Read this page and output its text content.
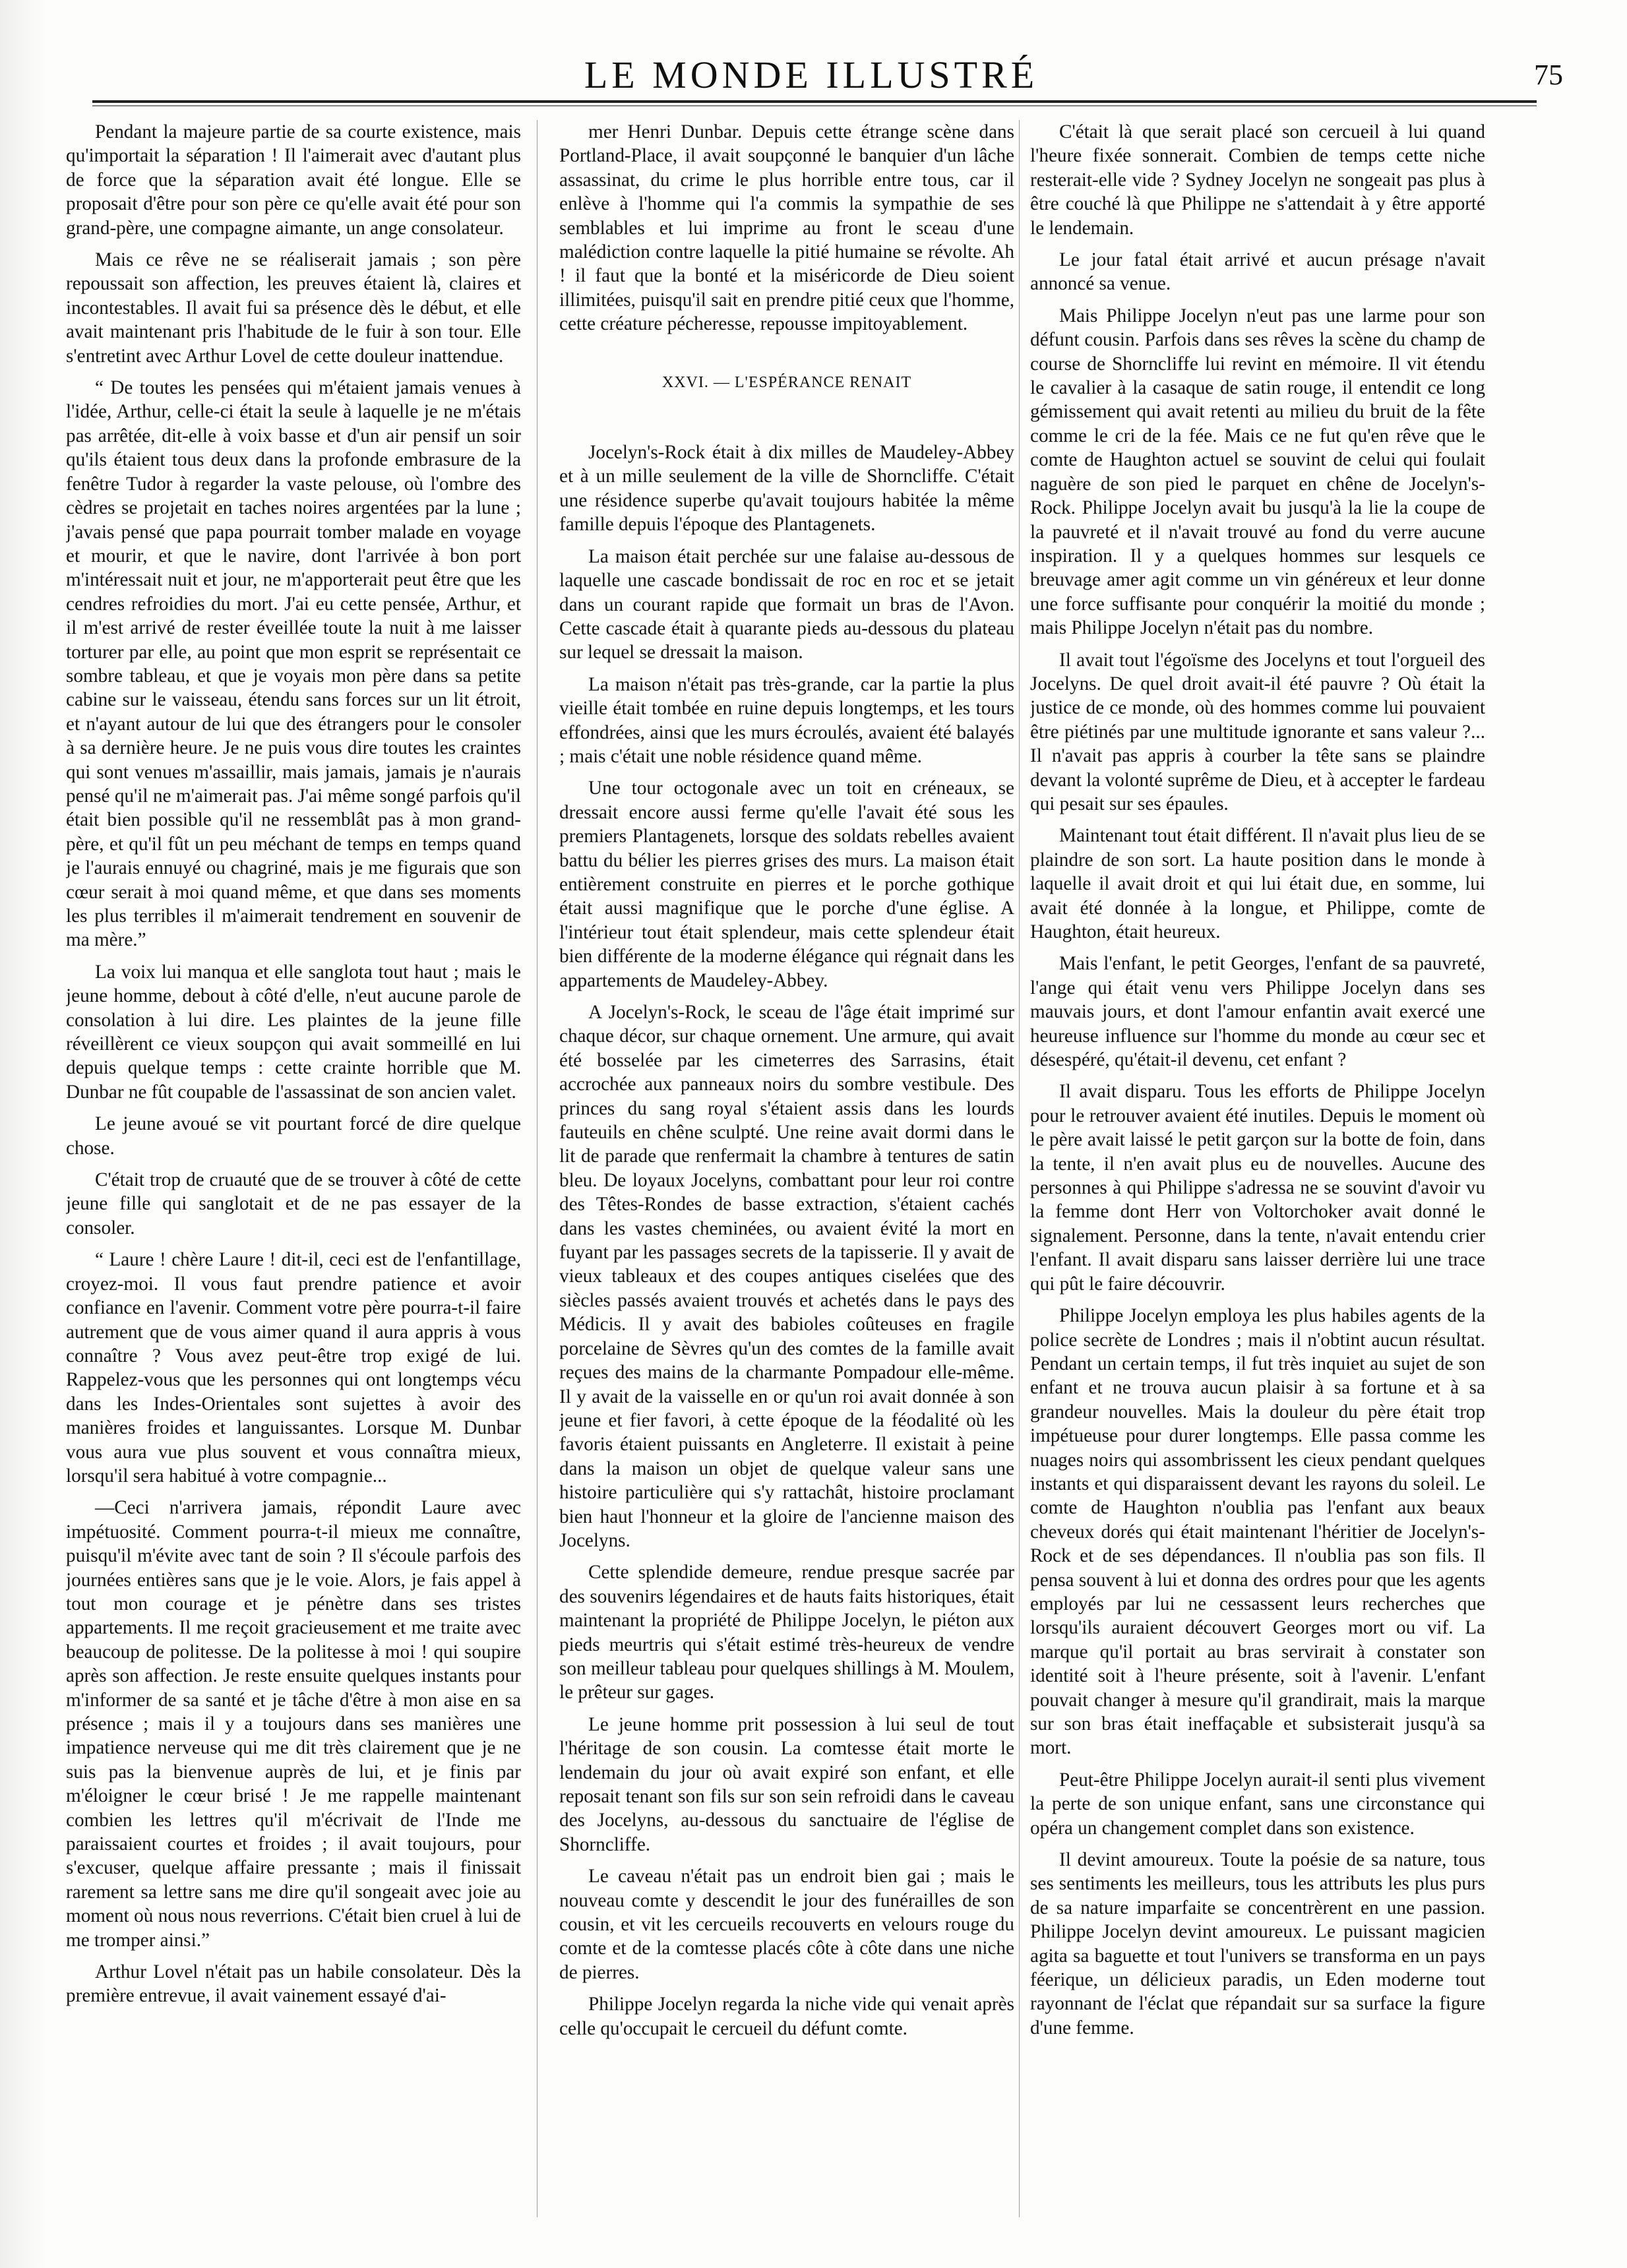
LE MONDE ILLUSTRÉ	75

Pendant la majeure partie de sa courte existence, mais qu'importait la séparation ! Il l'aimerait avec d'autant plus de force que la séparation avait été longue. Elle se proposait d'être pour son père ce qu'elle avait été pour son grand-père, une compagne aimante, un ange consolateur.

Mais ce rêve ne se réaliserait jamais ; son père repoussait son affection, les preuves étaient là, claires et incontestables. Il avait fui sa présence dès le début, et elle avait maintenant pris l'habitude de le fuir à son tour. Elle s'entretint avec Arthur Lovel de cette douleur inattendue.

“ De toutes les pensées qui m'étaient jamais venues à l'idée, Arthur, celle-ci était la seule à laquelle je ne m'étais pas arrêtée, dit-elle à voix basse et d'un air pensif un soir qu'ils étaient tous deux dans la profonde embrasure de la fenêtre Tudor à regarder la vaste pelouse, où l'ombre des cèdres se projetait en taches noires argentées par la lune ; j'avais pensé que papa pourrait tomber malade en voyage et mourir, et que le navire, dont l'arrivée à bon port m'intéressait nuit et jour, ne m'apporterait peut être que les cendres refroidies du mort. J'ai eu cette pensée, Arthur, et il m'est arrivé de rester éveillée toute la nuit à me laisser torturer par elle, au point que mon esprit se représentait ce sombre tableau, et que je voyais mon père dans sa petite cabine sur le vaisseau, étendu sans forces sur un lit étroit, et n'ayant autour de lui que des étrangers pour le consoler à sa dernière heure. Je ne puis vous dire toutes les craintes qui sont venues m'assaillir, mais jamais, jamais je n'aurais pensé qu'il ne m'aimerait pas. J'ai même songé parfois qu'il était bien possible qu'il ne ressemblât pas à mon grand-père, et qu'il fût un peu méchant de temps en temps quand je l'aurais ennuyé ou chagriné, mais je me figurais que son cœur serait à moi quand même, et que dans ses moments les plus terribles il m'aimerait tendrement en souvenir de ma mère.”

La voix lui manqua et elle sanglota tout haut ; mais le jeune homme, debout à côté d'elle, n'eut aucune parole de consolation à lui dire. Les plaintes de la jeune fille réveillèrent ce vieux soupçon qui avait sommeillé en lui depuis quelque temps : cette crainte horrible que M. Dunbar ne fût coupable de l'assassinat de son ancien valet.

Le jeune avoué se vit pourtant forcé de dire quelque chose.

C'était trop de cruauté que de se trouver à côté de cette jeune fille qui sanglotait et de ne pas essayer de la consoler.

“ Laure ! chère Laure ! dit-il, ceci est de l'enfantillage, croyez-moi. Il vous faut prendre patience et avoir confiance en l'avenir. Comment votre père pourra-t-il faire autrement que de vous aimer quand il aura appris à vous connaître ? Vous avez peut-être trop exigé de lui. Rappelez-vous que les personnes qui ont longtemps vécu dans les Indes-Orientales sont sujettes à avoir des manières froides et languissantes. Lorsque M. Dunbar vous aura vue plus souvent et vous connaîtra mieux, lorsqu'il sera habitué à votre compagnie...

—Ceci n'arrivera jamais, répondit Laure avec impétuosité. Comment pourra-t-il mieux me connaître, puisqu'il m'évite avec tant de soin ? Il s'écoule parfois des journées entières sans que je le voie. Alors, je fais appel à tout mon courage et je pénètre dans ses tristes appartements. Il me reçoit gracieusement et me traite avec beaucoup de politesse. De la politesse à moi ! qui soupire après son affection. Je reste ensuite quelques instants pour m'informer de sa santé et je tâche d'être à mon aise en sa présence ; mais il y a toujours dans ses manières une impatience nerveuse qui me dit très clairement que je ne suis pas la bienvenue auprès de lui, et je finis par m'éloigner le cœur brisé ! Je me rappelle maintenant combien les lettres qu'il m'écrivait de l'Inde me paraissaient courtes et froides ; il avait toujours, pour s'excuser, quelque affaire pressante ; mais il finissait rarement sa lettre sans me dire qu'il songeait avec joie au moment où nous nous reverrions. C'était bien cruel à lui de me tromper ainsi.”

Arthur Lovel n'était pas un habile consolateur. Dès la première entrevue, il avait vainement essayé d'ai-

mer Henri Dunbar. Depuis cette étrange scène dans Portland-Place, il avait soupçonné le banquier d'un lâche assassinat, du crime le plus horrible entre tous, car il enlève à l'homme qui l'a commis la sympathie de ses semblables et lui imprime au front le sceau d'une malédiction contre laquelle la pitié humaine se révolte. Ah ! il faut que la bonté et la miséricorde de Dieu soient illimitées, puisqu'il sait en prendre pitié ceux que l'homme, cette créature pécheresse, repousse impitoyablement.

XXVI. — L'ESPÉRANCE RENAIT

Jocelyn's-Rock était à dix milles de Maudeley-Abbey et à un mille seulement de la ville de Shorncliffe. C'était une résidence superbe qu'avait toujours habitée la même famille depuis l'époque des Plantagenets.

La maison était perchée sur une falaise au-dessous de laquelle une cascade bondissait de roc en roc et se jetait dans un courant rapide que formait un bras de l'Avon. Cette cascade était à quarante pieds au-dessous du plateau sur lequel se dressait la maison.

La maison n'était pas très-grande, car la partie la plus vieille était tombée en ruine depuis longtemps, et les tours effondrées, ainsi que les murs écroulés, avaient été balayés ; mais c'était une noble résidence quand même.

Une tour octogonale avec un toit en créneaux, se dressait encore aussi ferme qu'elle l'avait été sous les premiers Plantagenets, lorsque des soldats rebelles avaient battu du bélier les pierres grises des murs. La maison était entièrement construite en pierres et le porche gothique était aussi magnifique que le porche d'une église. A l'intérieur tout était splendeur, mais cette splendeur était bien différente de la moderne élégance qui régnait dans les appartements de Maudeley-Abbey.

A Jocelyn's-Rock, le sceau de l'âge était imprimé sur chaque décor, sur chaque ornement. Une armure, qui avait été bosselée par les cimeterres des Sarrasins, était accrochée aux panneaux noirs du sombre vestibule. Des princes du sang royal s'étaient assis dans les lourds fauteuils en chêne sculpté. Une reine avait dormi dans le lit de parade que renfermait la chambre à tentures de satin bleu. De loyaux Jocelyns, combattant pour leur roi contre des Têtes-Rondes de basse extraction, s'étaient cachés dans les vastes cheminées, ou avaient évité la mort en fuyant par les passages secrets de la tapisserie. Il y avait de vieux tableaux et des coupes antiques ciselées que des siècles passés avaient trouvés et achetés dans le pays des Médicis. Il y avait des babioles coûteuses en fragile porcelaine de Sèvres qu'un des comtes de la famille avait reçues des mains de la charmante Pompadour elle-même. Il y avait de la vaisselle en or qu'un roi avait donnée à son jeune et fier favori, à cette époque de la féodalité où les favoris étaient puissants en Angleterre. Il existait à peine dans la maison un objet de quelque valeur sans une histoire particulière qui s'y rattachât, histoire proclamant bien haut l'honneur et la gloire de l'ancienne maison des Jocelyns.

Cette splendide demeure, rendue presque sacrée par des souvenirs légendaires et de hauts faits historiques, était maintenant la propriété de Philippe Jocelyn, le piéton aux pieds meurtris qui s'était estimé très-heureux de vendre son meilleur tableau pour quelques shillings à M. Moulem, le prêteur sur gages.

Le jeune homme prit possession à lui seul de tout l'héritage de son cousin. La comtesse était morte le lendemain du jour où avait expiré son enfant, et elle reposait tenant son fils sur son sein refroidi dans le caveau des Jocelyns, au-dessous du sanctuaire de l'église de Shorncliffe.

Le caveau n'était pas un endroit bien gai ; mais le nouveau comte y descendit le jour des funérailles de son cousin, et vit les cercueils recouverts en velours rouge du comte et de la comtesse placés côte à côte dans une niche de pierres.

Philippe Jocelyn regarda la niche vide qui venait après celle qu'occupait le cercueil du défunt comte.

C'était là que serait placé son cercueil à lui quand l'heure fixée sonnerait. Combien de temps cette niche resterait-elle vide ? Sydney Jocelyn ne songeait pas plus à être couché là que Philippe ne s'attendait à y être apporté le lendemain.

Le jour fatal était arrivé et aucun présage n'avait annoncé sa venue.

Mais Philippe Jocelyn n'eut pas une larme pour son défunt cousin. Parfois dans ses rêves la scène du champ de course de Shorncliffe lui revint en mémoire. Il vit étendu le cavalier à la casaque de satin rouge, il entendit ce long gémissement qui avait retenti au milieu du bruit de la fête comme le cri de la fée. Mais ce ne fut qu'en rêve que le comte de Haughton actuel se souvint de celui qui foulait naguère de son pied le parquet en chêne de Jocelyn's-Rock. Philippe Jocelyn avait bu jusqu'à la lie la coupe de la pauvreté et il n'avait trouvé au fond du verre aucune inspiration. Il y a quelques hommes sur lesquels ce breuvage amer agit comme un vin généreux et leur donne une force suffisante pour conquérir la moitié du monde ; mais Philippe Jocelyn n'était pas du nombre.

Il avait tout l'égoïsme des Jocelyns et tout l'orgueil des Jocelyns. De quel droit avait-il été pauvre ? Où était la justice de ce monde, où des hommes comme lui pouvaient être piétinés par une multitude ignorante et sans valeur ?... Il n'avait pas appris à courber la tête sans se plaindre devant la volonté suprême de Dieu, et à accepter le fardeau qui pesait sur ses épaules.

Maintenant tout était différent. Il n'avait plus lieu de se plaindre de son sort. La haute position dans le monde à laquelle il avait droit et qui lui était due, en somme, lui avait été donnée à la longue, et Philippe, comte de Haughton, était heureux.

Mais l'enfant, le petit Georges, l'enfant de sa pauvreté, l'ange qui était venu vers Philippe Jocelyn dans ses mauvais jours, et dont l'amour enfantin avait exercé une heureuse influence sur l'homme du monde au cœur sec et désespéré, qu'était-il devenu, cet enfant ?

Il avait disparu. Tous les efforts de Philippe Jocelyn pour le retrouver avaient été inutiles. Depuis le moment où le père avait laissé le petit garçon sur la botte de foin, dans la tente, il n'en avait plus eu de nouvelles. Aucune des personnes à qui Philippe s'adressa ne se souvint d'avoir vu la femme dont Herr von Voltorchoker avait donné le signalement. Personne, dans la tente, n'avait entendu crier l'enfant. Il avait disparu sans laisser derrière lui une trace qui pût le faire découvrir.

Philippe Jocelyn employa les plus habiles agents de la police secrète de Londres ; mais il n'obtint aucun résultat. Pendant un certain temps, il fut très inquiet au sujet de son enfant et ne trouva aucun plaisir à sa fortune et à sa grandeur nouvelles. Mais la douleur du père était trop impétueuse pour durer longtemps. Elle passa comme les nuages noirs qui assombrissent les cieux pendant quelques instants et qui disparaissent devant les rayons du soleil. Le comte de Haughton n'oublia pas l'enfant aux beaux cheveux dorés qui était maintenant l'héritier de Jocelyn's-Rock et de ses dépendances. Il n'oublia pas son fils. Il pensa souvent à lui et donna des ordres pour que les agents employés par lui ne cessassent leurs recherches que lorsqu'ils auraient découvert Georges mort ou vif. La marque qu'il portait au bras servirait à constater son identité soit à l'heure présente, soit à l'avenir. L'enfant pouvait changer à mesure qu'il grandirait, mais la marque sur son bras était ineffaçable et subsisterait jusqu'à sa mort.

Peut-être Philippe Jocelyn aurait-il senti plus vivement la perte de son unique enfant, sans une circonstance qui opéra un changement complet dans son existence.

Il devint amoureux. Toute la poésie de sa nature, tous ses sentiments les meilleurs, tous les attributs les plus purs de sa nature imparfaite se concentrèrent en une passion. Philippe Jocelyn devint amoureux. Le puissant magicien agita sa baguette et tout l'univers se transforma en un pays féerique, un délicieux paradis, un Eden moderne tout rayonnant de l'éclat que répandait sur sa surface la figure d'une femme.
